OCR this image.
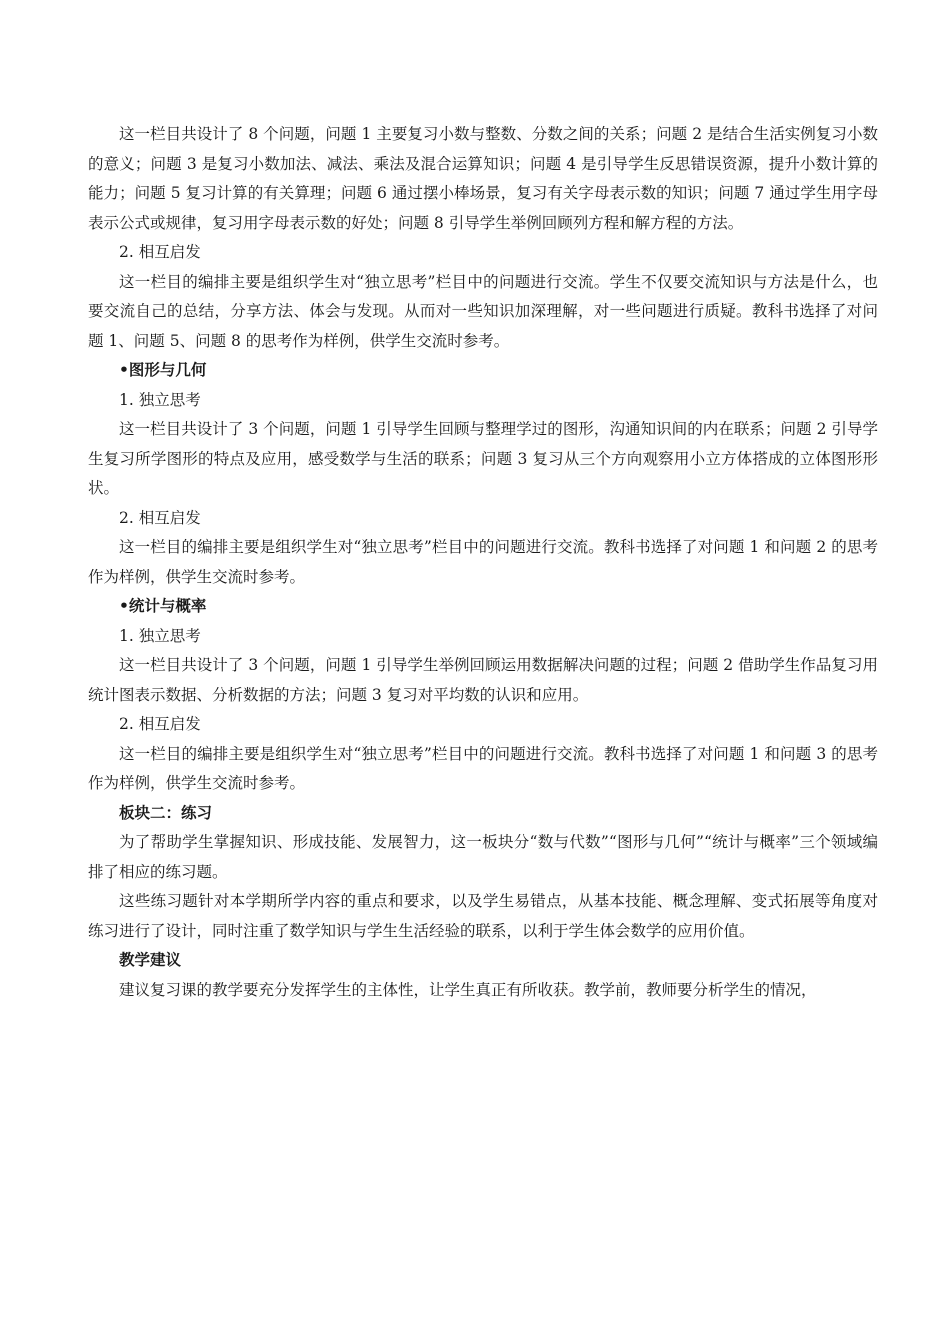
这一栏目共设计了 8 个问题，问题 1 主要复习小数与整数、分数之间的关系；问题 2 是结合生活实例复习小数的意义；问题 3 是复习小数加法、减法、乘法及混合运算知识；问题 4 是引导学生反思错误资源，提升小数计算的能力；问题 5 复习计算的有关算理；问题 6 通过摆小棒场景，复习有关字母表示数的知识；问题 7 通过学生用字母表示公式或规律，复习用字母表示数的好处；问题 8 引导学生举例回顾列方程和解方程的方法。

2. 相互启发

这一栏目的编排主要是组织学生对“独立思考”栏目中的问题进行交流。学生不仅要交流知识与方法是什么，也要交流自己的总结，分享方法、体会与发现。从而对一些知识加深理解，对一些问题进行质疑。教科书选择了对问题 1、问题 5、问题 8 的思考作为样例，供学生交流时参考。

•图形与几何

1. 独立思考

这一栏目共设计了 3 个问题，问题 1 引导学生回顾与整理学过的图形，沟通知识间的内在联系；问题 2 引导学生复习所学图形的特点及应用，感受数学与生活的联系；问题 3 复习从三个方向观察用小立方体搭成的立体图形形状。

2. 相互启发

这一栏目的编排主要是组织学生对“独立思考”栏目中的问题进行交流。教科书选择了对问题 1 和问题 2 的思考作为样例，供学生交流时参考。

•统计与概率

1. 独立思考

这一栏目共设计了 3 个问题，问题 1 引导学生举例回顾运用数据解决问题的过程；问题 2 借助学生作品复习用统计图表示数据、分析数据的方法；问题 3 复习对平均数的认识和应用。

2. 相互启发

这一栏目的编排主要是组织学生对“独立思考”栏目中的问题进行交流。教科书选择了对问题 1 和问题 3 的思考作为样例，供学生交流时参考。

板块二：练习

为了帮助学生掌握知识、形成技能、发展智力，这一板块分“数与代数”“图形与几何”“统计与概率”三个领域编排了相应的练习题。

这些练习题针对本学期所学内容的重点和要求，以及学生易错点，从基本技能、概念理解、变式拓展等角度对练习进行了设计，同时注重了数学知识与学生生活经验的联系，以利于学生体会数学的应用价值。

教学建议

建议复习课的教学要充分发挥学生的主体性，让学生真正有所收获。教学前，教师要分析学生的情况，
